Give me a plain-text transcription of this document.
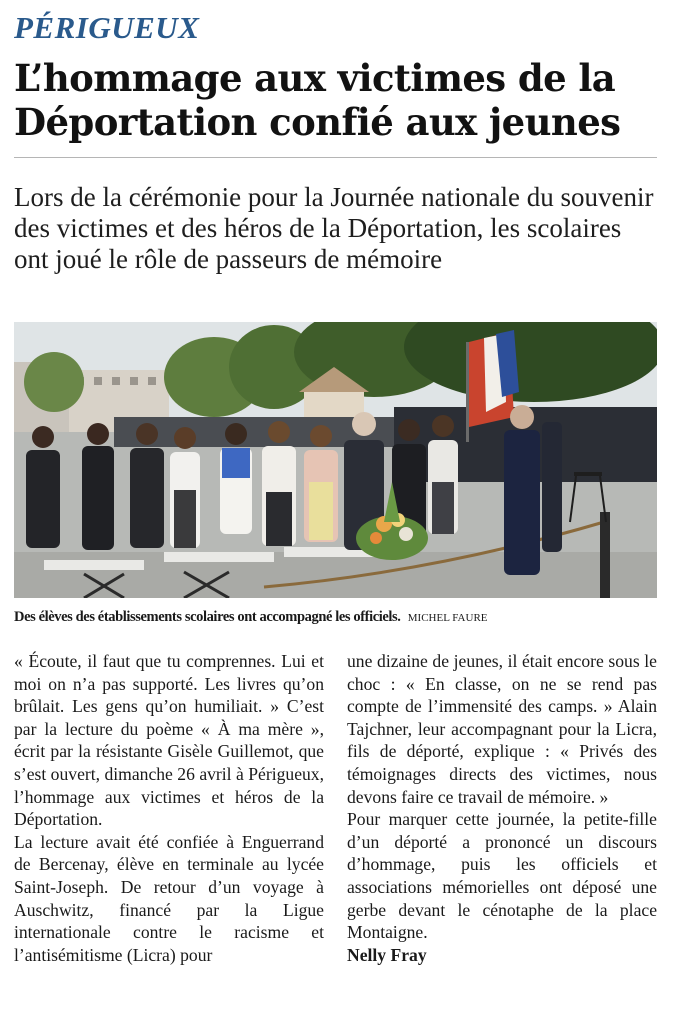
PÉRIGUEUX
L’hommage aux victimes de la Déportation confié aux jeunes
Lors de la cérémonie pour la Journée nationale du souvenir des victimes et des héros de la Déportation, les scolaires ont joué le rôle de passeurs de mémoire
Des élèves des établissements scolaires ont accompagné les officiels. MICHEL FAURE

« Écoute, il faut que tu comprennes. Lui et moi on n’a pas supporté. Les livres qu’on brûlait. Les gens qu’on humiliait. » C’est par la lecture du poème « À ma mère », écrit par la résistante Gisèle Guillemot, que s’est ouvert, dimanche 26 avril à Périgueux, l’hommage aux victimes et héros de la Déportation.

La lecture avait été confiée à Enguerrand de Bercenay, élève en terminale au lycée Saint-Joseph. De retour d’un voyage à Auschwitz, financé par la Ligue internationale contre le racisme et l’antisémitisme (Licra) pour

une dizaine de jeunes, il était encore sous le choc : « En classe, on ne se rend pas compte de l’immensité des camps. » Alain Tajchner, leur accompagnant pour la Licra, fils de déporté, explique : « Privés des témoignages directs des victimes, nous devons faire ce travail de mémoire. »

Pour marquer cette journée, la petite-fille d’un déporté a prononcé un discours d’hommage, puis les officiels et associations mémorielles ont déposé une gerbe devant le cénotaphe de la place Montaigne.

Nelly Fray
